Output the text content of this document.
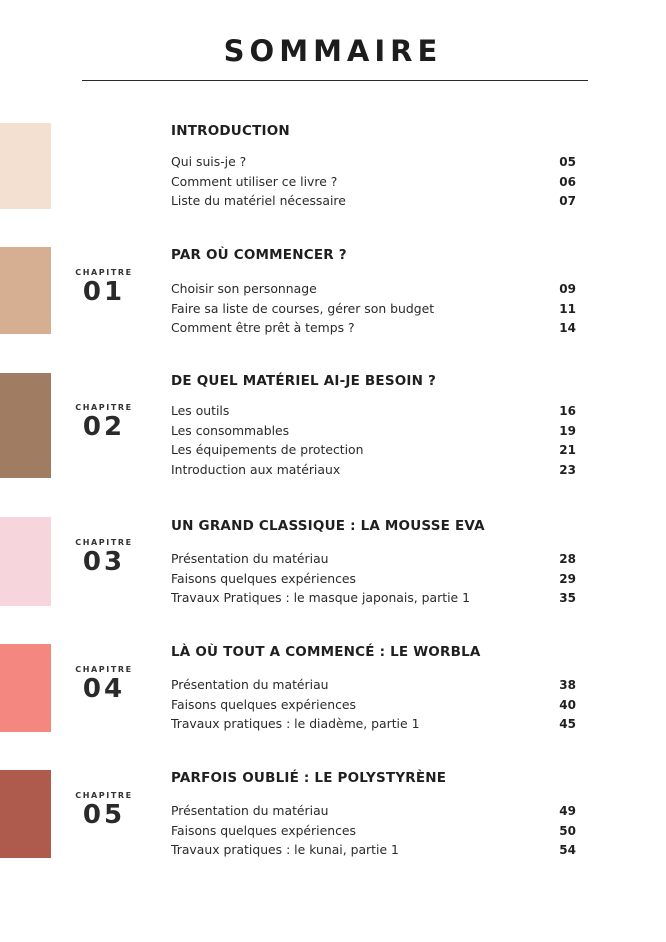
SOMMAIRE
INTRODUCTION
Qui suis-je ?	05
Comment utiliser ce livre ?	06
Liste du matériel nécessaire	07
CHAPITRE
01
PAR OÙ COMMENCER ?
Choisir son personnage	09
Faire sa liste de courses, gérer son budget	11
Comment être prêt à temps ?	14
CHAPITRE
02
DE QUEL MATÉRIEL AI-JE BESOIN ?
Les outils	16
Les consommables	19
Les équipements de protection	21
Introduction aux matériaux	23
CHAPITRE
03
UN GRAND CLASSIQUE : LA MOUSSE EVA
Présentation du matériau	28
Faisons quelques expériences	29
Travaux Pratiques : le masque japonais, partie 1	35
CHAPITRE
04
LÀ OÙ TOUT A COMMENCÉ : LE WORBLA
Présentation du matériau	38
Faisons quelques expériences	40
Travaux pratiques : le diadème, partie 1	45
CHAPITRE
05
PARFOIS OUBLIÉ : LE POLYSTYRÈNE
Présentation du matériau	49
Faisons quelques expériences	50
Travaux pratiques : le kunai, partie 1	54
